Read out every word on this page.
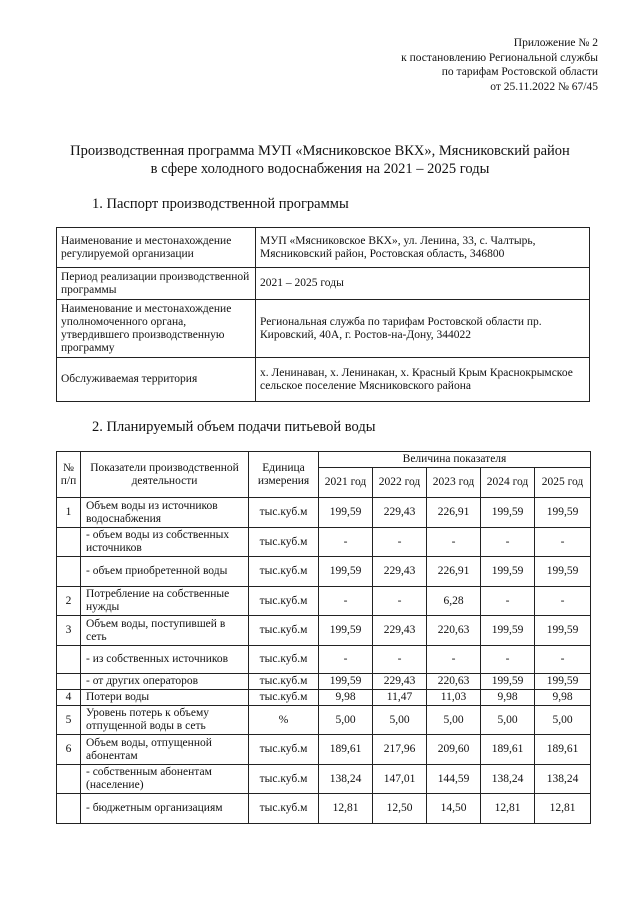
Приложение № 2
к постановлению Региональной службы
по тарифам Ростовской области
от 25.11.2022 № 67/45
Производственная программа МУП «Мясниковское ВКХ», Мясниковский район
в сфере холодного водоснабжения на 2021 – 2025 годы
1. Паспорт производственной программы
Наименование и местонахождение регулируемой организации	МУП «Мясниковское ВКХ», ул. Ленина, 33, с. Чалтырь, Мясниковский район, Ростовская область, 346800
Период реализации производственной программы	2021 – 2025 годы
Наименование и местонахождение уполномоченного органа, утвердившего производственную программу	Региональная служба по тарифам Ростовской области пр. Кировский, 40А, г. Ростов-на-Дону, 344022
Обслуживаемая территория	х. Ленинаван, х. Ленинакан, х. Красный Крым Краснокрымское сельское поселение Мясниковского района
2. Планируемый объем подачи питьевой воды
№ п/п	Показатели производственной деятельности	Единица измерения	Величина показателя				
			2021 год	2022 год	2023 год	2024 год	2025 год
1	Объем воды из источников водоснабжения	тыс.куб.м	199,59	229,43	226,91	199,59	199,59
	- объем воды из собственных источников	тыс.куб.м	-	-	-	-	-
	- объем приобретенной воды	тыс.куб.м	199,59	229,43	226,91	199,59	199,59
2	Потребление на собственные нужды	тыс.куб.м	-	-	6,28	-	-
3	Объем воды, поступившей в сеть	тыс.куб.м	199,59	229,43	220,63	199,59	199,59
	- из собственных источников	тыс.куб.м	-	-	-	-	-
	- от других операторов	тыс.куб.м	199,59	229,43	220,63	199,59	199,59
4	Потери воды	тыс.куб.м	9,98	11,47	11,03	9,98	9,98
5	Уровень потерь к объему отпущенной воды в сеть	%	5,00	5,00	5,00	5,00	5,00
6	Объем воды, отпущенной абонентам	тыс.куб.м	189,61	217,96	209,60	189,61	189,61
	- собственным абонентам (население)	тыс.куб.м	138,24	147,01	144,59	138,24	138,24
	- бюджетным организациям	тыс.куб.м	12,81	12,50	14,50	12,81	12,81
